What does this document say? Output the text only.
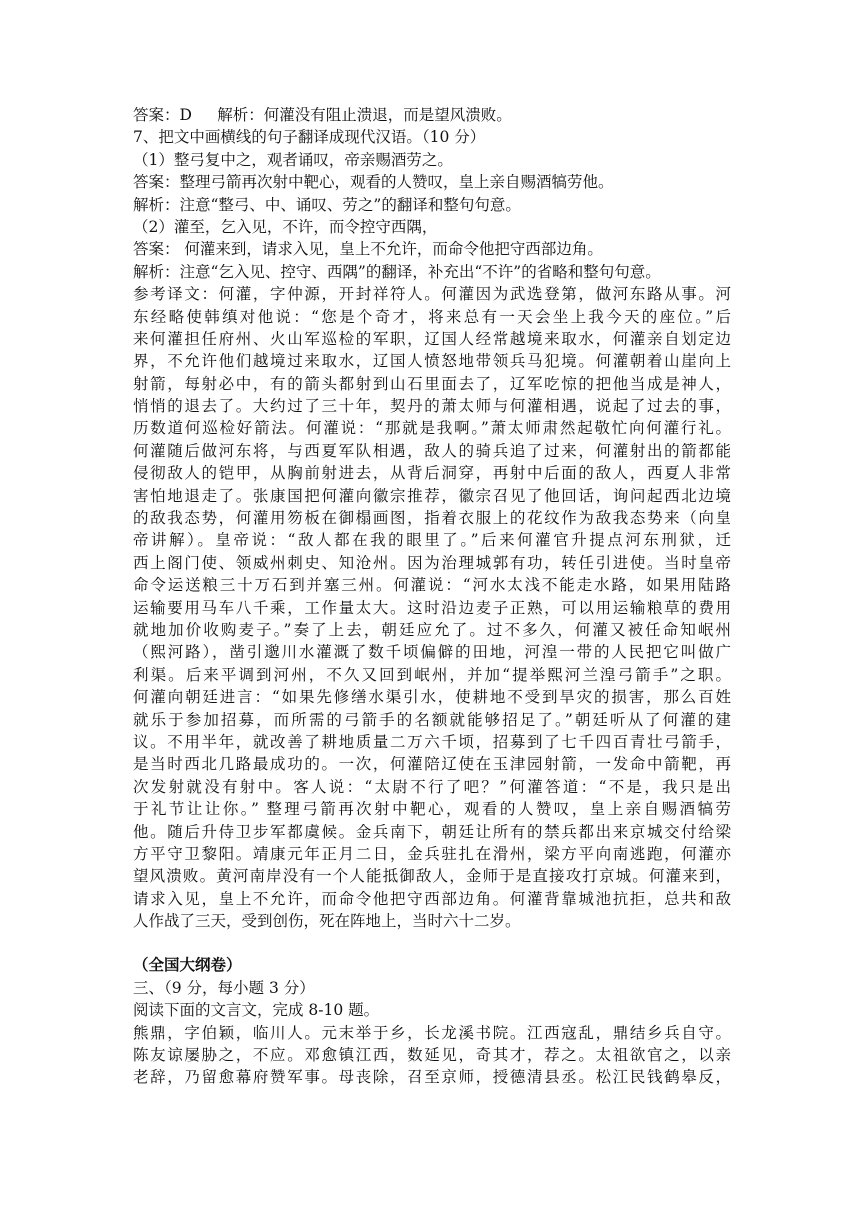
答案：D 　 解析：何灌没有阻止溃退，而是望风溃败。
7、把文中画横线的句子翻译成现代汉语。（10 分）
（1）整弓复中之，观者诵叹，帝亲赐酒劳之。
答案：整理弓箭再次射中靶心，观看的人赞叹，皇上亲自赐酒犒劳他。
解析：注意“整弓、中、诵叹、劳之”的翻译和整句句意。
（2）灌至，乞入见，不许，而令控守西隅，
答案： 何灌来到，请求入见，皇上不允许，而命令他把守西部边角。
解析：注意“乞入见、控守、西隅”的翻译，补充出“不许”的省略和整句句意。
参考译文：何灌，字仲源，开封祥符人。何灌因为武选登第，做河东路从事。河
东经略使韩缜对他说：“您是个奇才，将来总有一天会坐上我今天的座位。”后
来何灌担任府州、火山军巡检的军职，辽国人经常越境来取水，何灌亲自划定边
界，不允许他们越境过来取水，辽国人愤怒地带领兵马犯境。何灌朝着山崖向上
射箭，每射必中，有的箭头都射到山石里面去了，辽军吃惊的把他当成是神人，
悄悄的退去了。大约过了三十年，契丹的萧太师与何灌相遇，说起了过去的事，
历数道何巡检好箭法。何灌说：“那就是我啊。”萧太师肃然起敬忙向何灌行礼。
何灌随后做河东将，与西夏军队相遇，敌人的骑兵追了过来，何灌射出的箭都能
侵彻敌人的铠甲，从胸前射进去，从背后洞穿，再射中后面的敌人，西夏人非常
害怕地退走了。张康国把何灌向徽宗推荐，徽宗召见了他回话，询问起西北边境
的敌我态势，何灌用笏板在御榻画图，指着衣服上的花纹作为敌我态势来（向皇
帝讲解）。皇帝说：“敌人都在我的眼里了。”后来何灌官升提点河东刑狱，迁
西上阁门使、领威州刺史、知沧州。因为治理城郭有功，转任引进使。当时皇帝
命令运送粮三十万石到并塞三州。何灌说：“河水太浅不能走水路，如果用陆路
运输要用马车八千乘，工作量太大。这时沿边麦子正熟，可以用运输粮草的费用
就地加价收购麦子。”奏了上去，朝廷应允了。过不多久，何灌又被任命知岷州
（熙河路），凿引邈川水灌溉了数千顷偏僻的田地，河湟一带的人民把它叫做广
利渠。后来平调到河州，不久又回到岷州，并加“提举熙河兰湟弓箭手”之职。
何灌向朝廷进言：“如果先修缮水渠引水，使耕地不受到旱灾的损害，那么百姓
就乐于参加招募，而所需的弓箭手的名额就能够招足了。”朝廷听从了何灌的建
议。不用半年，就改善了耕地质量二万六千顷，招募到了七千四百青壮弓箭手，
是当时西北几路最成功的。一次，何灌陪辽使在玉津园射箭，一发命中箭靶，再
次发射就没有射中。客人说：“太尉不行了吧？”何灌答道：“不是，我只是出
于礼节让让你。” 整理弓箭再次射中靶心，观看的人赞叹，皇上亲自赐酒犒劳
他。随后升侍卫步军都虞候。金兵南下，朝廷让所有的禁兵都出来京城交付给梁
方平守卫黎阳。靖康元年正月二日，金兵驻扎在滑州，梁方平向南逃跑，何灌亦
望风溃败。黄河南岸没有一个人能抵御敌人，金师于是直接攻打京城。何灌来到，
请求入见，皇上不允许，而命令他把守西部边角。何灌背靠城池抗拒，总共和敌
人作战了三天，受到创伤，死在阵地上，当时六十二岁。
（全国大纲卷）
三、（9 分，每小题 3 分）
阅读下面的文言文，完成 8-10 题。
熊鼎，字伯颖，临川人。元末举于乡，长龙溪书院。江西寇乱，鼎结乡兵自守。
陈友谅屡胁之，不应。邓愈镇江西，数延见，奇其才，荐之。太祖欲官之，以亲
老辞，乃留愈幕府赞军事。母丧除，召至京师，授德清县丞。松江民钱鹤皋反，
